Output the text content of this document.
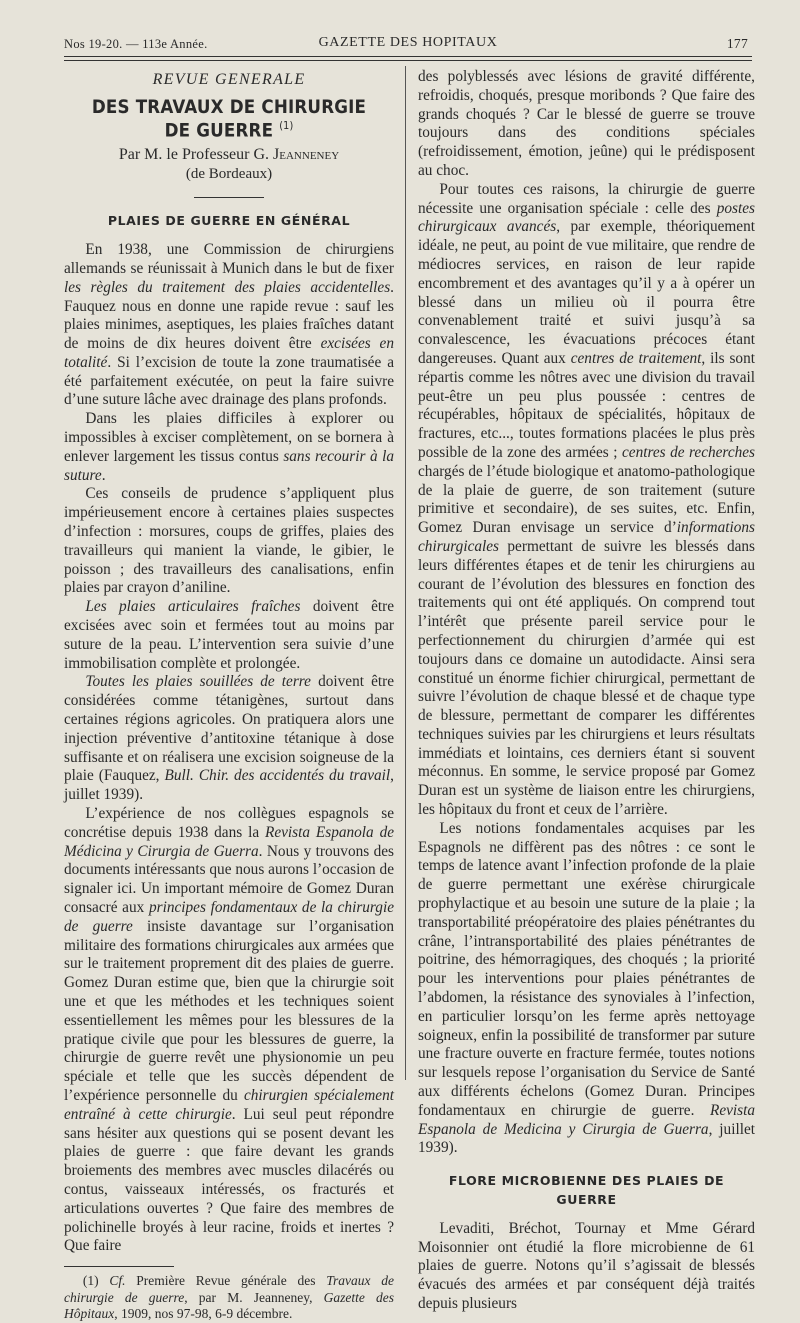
Nos 19-20. — 113e Année.	GAZETTE DES HOPITAUX	177

REVUE GENERALE

DES TRAVAUX DE CHIRURGIE DE GUERRE $^{(1)}$

Par M. le Professeur G. Jeanneney

(de Bordeaux)

PLAIES DE GUERRE EN GÉNÉRAL

En 1938, une Commission de chirurgiens allemands se réunissait à Munich dans le but de fixer les règles du traitement des plaies accidentelles. Fauquez nous en donne une rapide revue : sauf les plaies minimes, aseptiques, les plaies fraîches datant de moins de dix heures doivent être excisées en totalité. Si l’excision de toute la zone traumatisée a été parfaitement exécutée, on peut la faire suivre d’une suture lâche avec drainage des plans profonds.

Dans les plaies difficiles à explorer ou impossibles à exciser complètement, on se bornera à enlever largement les tissus contus sans recourir à la suture.

Ces conseils de prudence s’appliquent plus impérieusement encore à certaines plaies suspectes d’infection : morsures, coups de griffes, plaies des travailleurs qui manient la viande, le gibier, le poisson ; des travailleurs des canalisations, enfin plaies par crayon d’aniline.

Les plaies articulaires fraîches doivent être excisées avec soin et fermées tout au moins par suture de la peau. L’intervention sera suivie d’une immobilisation complète et prolongée.

Toutes les plaies souillées de terre doivent être considérées comme tétanigènes, surtout dans certaines régions agricoles. On pratiquera alors une injection préventive d’antitoxine tétanique à dose suffisante et on réalisera une excision soigneuse de la plaie (Fauquez, Bull. Chir. des accidentés du travail, juillet 1939).

L’expérience de nos collègues espagnols se concrétise depuis 1938 dans la Revista Espanola de Médicina y Cirurgia de Guerra. Nous y trouvons des documents intéressants que nous aurons l’occasion de signaler ici. Un important mémoire de Gomez Duran consacré aux principes fondamentaux de la chirurgie de guerre insiste davantage sur l’organisation militaire des formations chirurgicales aux armées que sur le traitement proprement dit des plaies de guerre. Gomez Duran estime que, bien que la chirurgie soit une et que les méthodes et les techniques soient essentiellement les mêmes pour les blessures de la pratique civile que pour les blessures de guerre, la chirurgie de guerre revêt une physionomie un peu spéciale et telle que les succès dépendent de l’expérience personnelle du chirurgien spécialement entraîné à cette chirurgie. Lui seul peut répondre sans hésiter aux questions qui se posent devant les plaies de guerre : que faire devant les grands broiements des membres avec muscles dilacérés ou contus, vaisseaux intéressés, os fracturés et articulations ouvertes ? Que faire des membres de polichinelle broyés à leur racine, froids et inertes ? Que faire

(1) Cf. Première Revue générale des Travaux de chirurgie de guerre, par M. Jeanneney, Gazette des Hôpitaux, 1909, nos 97-98, 6-9 décembre.

des polyblessés avec lésions de gravité différente, refroidis, choqués, presque moribonds ? Que faire des grands choqués ? Car le blessé de guerre se trouve toujours dans des conditions spéciales (refroidissement, émotion, jeûne) qui le prédisposent au choc.

Pour toutes ces raisons, la chirurgie de guerre nécessite une organisation spéciale : celle des postes chirurgicaux avancés, par exemple, théoriquement idéale, ne peut, au point de vue militaire, que rendre de médiocres services, en raison de leur rapide encombrement et des avantages qu’il y a à opérer un blessé dans un milieu où il pourra être convenablement traité et suivi jusqu’à sa convalescence, les évacuations précoces étant dangereuses. Quant aux centres de traitement, ils sont répartis comme les nôtres avec une division du travail peut-être un peu plus poussée : centres de récupérables, hôpitaux de spécialités, hôpitaux de fractures, etc..., toutes formations placées le plus près possible de la zone des armées ; centres de recherches chargés de l’étude biologique et anatomo-pathologique de la plaie de guerre, de son traitement (suture primitive et secondaire), de ses suites, etc. Enfin, Gomez Duran envisage un service d’informations chirurgicales permettant de suivre les blessés dans leurs différentes étapes et de tenir les chirurgiens au courant de l’évolution des blessures en fonction des traitements qui ont été appliqués. On comprend tout l’intérêt que présente pareil service pour le perfectionnement du chirurgien d’armée qui est toujours dans ce domaine un autodidacte. Ainsi sera constitué un énorme fichier chirurgical, permettant de suivre l’évolution de chaque blessé et de chaque type de blessure, permettant de comparer les différentes techniques suivies par les chirurgiens et leurs résultats immédiats et lointains, ces derniers étant si souvent méconnus. En somme, le service proposé par Gomez Duran est un système de liaison entre les chirurgiens, les hôpitaux du front et ceux de l’arrière.

Les notions fondamentales acquises par les Espagnols ne diffèrent pas des nôtres : ce sont le temps de latence avant l’infection profonde de la plaie de guerre permettant une exérèse chirurgicale prophylactique et au besoin une suture de la plaie ; la transportabilité préopératoire des plaies pénétrantes du crâne, l’intransportabilité des plaies pénétrantes de poitrine, des hémorragiques, des choqués ; la priorité pour les interventions pour plaies pénétrantes de l’abdomen, la résistance des synoviales à l’infection, en particulier lorsqu’on les ferme après nettoyage soigneux, enfin la possibilité de transformer par suture une fracture ouverte en fracture fermée, toutes notions sur lesquels repose l’organisation du Service de Santé aux différents échelons (Gomez Duran. Principes fondamentaux en chirurgie de guerre. Revista Espanola de Medicina y Cirurgia de Guerra, juillet 1939).

FLORE MICROBIENNE DES PLAIES DE GUERRE

Levaditi, Bréchot, Tournay et Mme Gérard Moisonnier ont étudié la flore microbienne de 61 plaies de guerre. Notons qu’il s’agissait de blessés évacués des armées et par conséquent déjà traités depuis plusieurs
